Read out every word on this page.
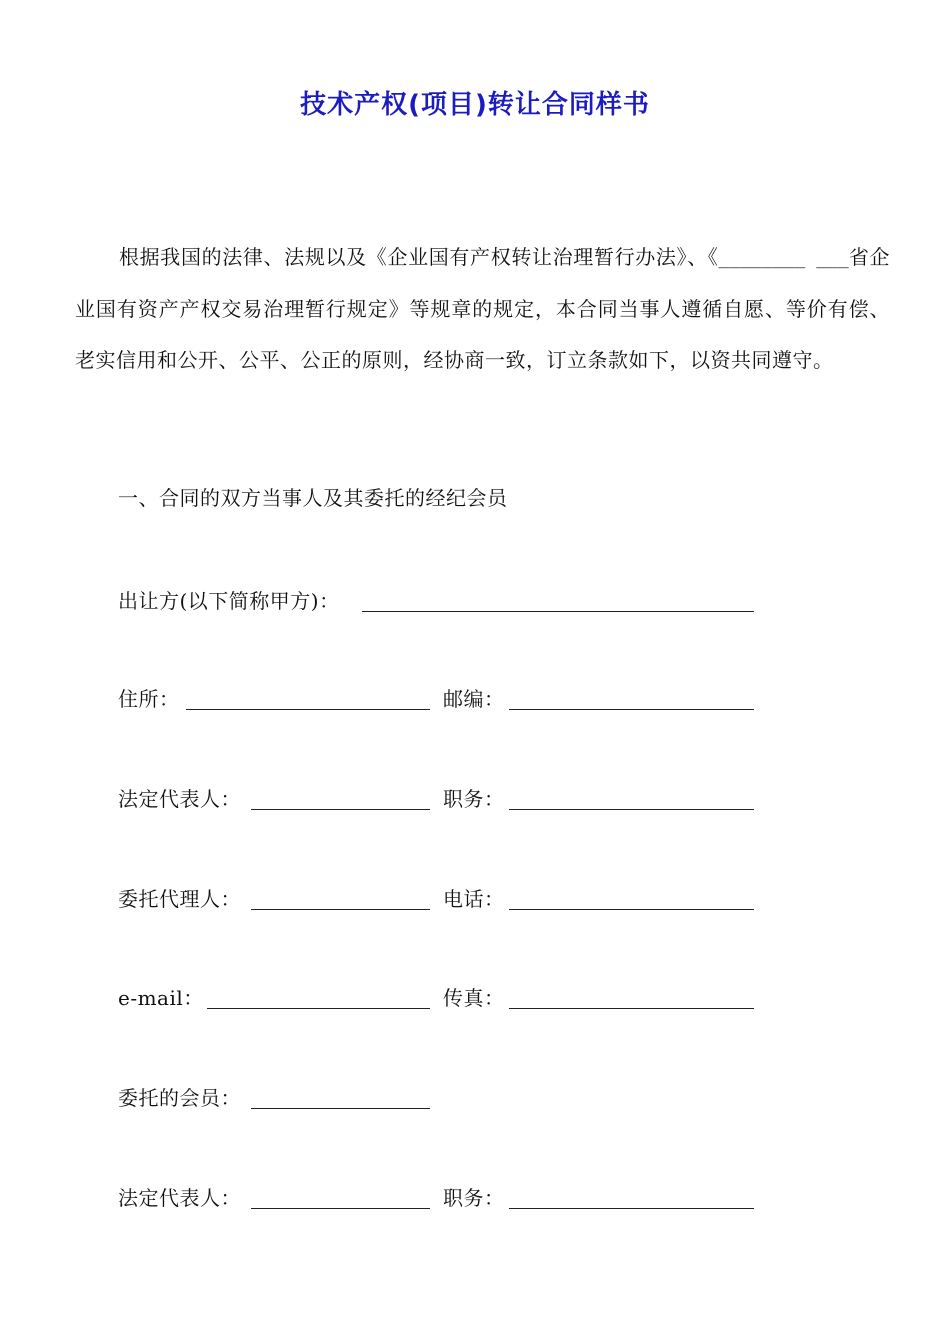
技术产权(项目)转让合同样书
根据我国的法律、法规以及《企业国有产权转让治理暂行办法》、《________ ___省企业国有资产产权交易治理暂行规定》等规章的规定，本合同当事人遵循自愿、等价有偿、老实信用和公开、公平、公正的原则，经协商一致，订立条款如下，以资共同遵守。
一、合同的双方当事人及其委托的经纪会员
出让方(以下简称甲方)：
住所：	邮编：
法定代表人：	职务：
委托代理人：	电话：
e-mail：	传真：
委托的会员：
法定代表人：	职务：
